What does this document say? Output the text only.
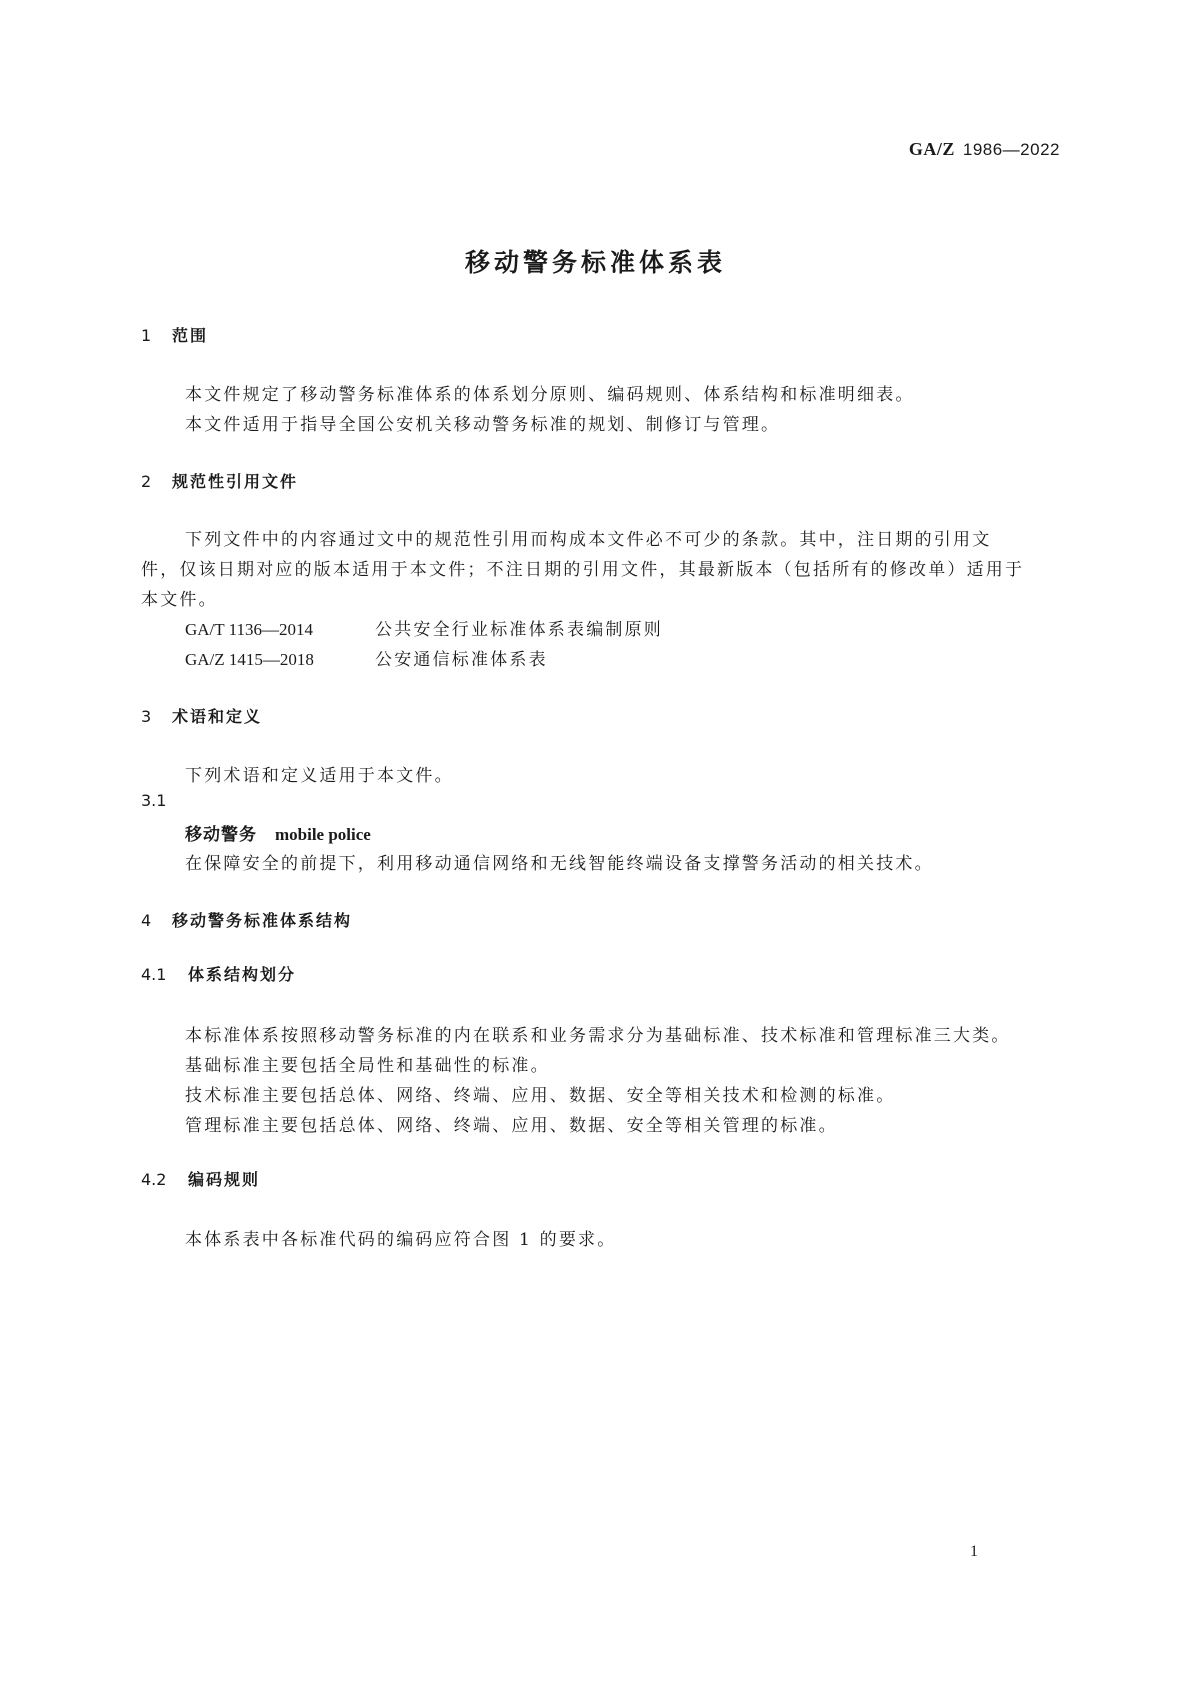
GA/Z 1986—2022
移动警务标准体系表
1 范围
本文件规定了移动警务标准体系的体系划分原则、编码规则、体系结构和标准明细表。
本文件适用于指导全国公安机关移动警务标准的规划、制修订与管理。
2 规范性引用文件
下列文件中的内容通过文中的规范性引用而构成本文件必不可少的条款。其中，注日期的引用文
件，仅该日期对应的版本适用于本文件；不注日期的引用文件，其最新版本（包括所有的修改单）适用于
本文件。
GA/T 1136—2014	公共安全行业标准体系表编制原则
GA/Z 1415—2018	公安通信标准体系表
3 术语和定义
下列术语和定义适用于本文件。
3.1
移动警务 mobile police
在保障安全的前提下，利用移动通信网络和无线智能终端设备支撑警务活动的相关技术。
4 移动警务标准体系结构
4.1 体系结构划分
本标准体系按照移动警务标准的内在联系和业务需求分为基础标准、技术标准和管理标准三大类。
基础标准主要包括全局性和基础性的标准。
技术标准主要包括总体、网络、终端、应用、数据、安全等相关技术和检测的标准。
管理标准主要包括总体、网络、终端、应用、数据、安全等相关管理的标准。
4.2 编码规则
本体系表中各标准代码的编码应符合图 1 的要求。
1
